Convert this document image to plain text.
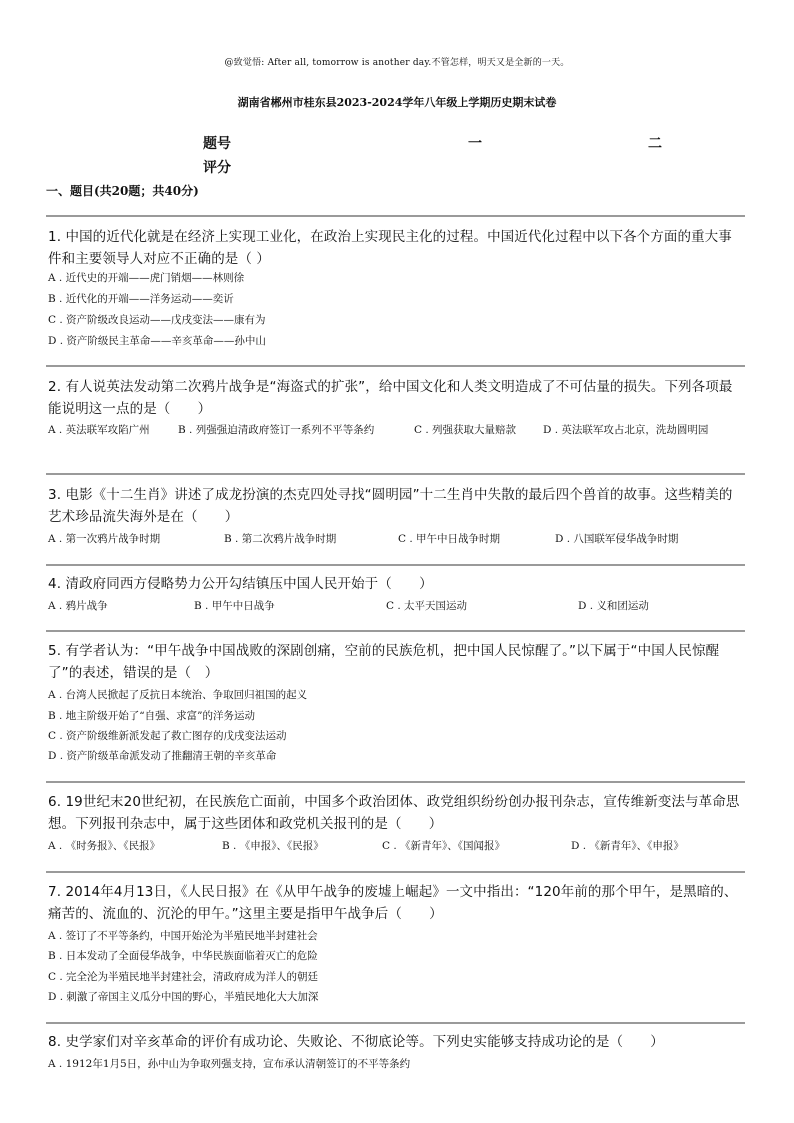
@致觉悟: After all, tomorrow is another day.不管怎样，明天又是全新的一天。
湖南省郴州市桂东县2023-2024学年八年级上学期历史期末试卷
题号	一	二
评分
一、题目(共20题；共40分)
1. 中国的近代化就是在经济上实现工业化，在政治上实现民主化的过程。中国近代化过程中以下各个方面的重大事件和主要领导人对应不正确的是（ ）
A . 近代史的开端——虎门销烟——林则徐
B . 近代化的开端——洋务运动——奕䜣
C . 资产阶级改良运动——戊戌变法——康有为
D . 资产阶级民主革命——辛亥革命——孙中山
2. 有人说英法发动第二次鸦片战争是“海盗式的扩张”，给中国文化和人类文明造成了不可估量的损失。下列各项最能说明这一点的是（　　）
A . 英法联军攻陷广州	B . 列强强迫清政府签订一系列不平等条约	C . 列强获取大量赔款	D . 英法联军攻占北京，洗劫圆明园
3. 电影《十二生肖》讲述了成龙扮演的杰克四处寻找“圆明园”十二生肖中失散的最后四个兽首的故事。这些精美的艺术珍品流失海外是在（　　）
A . 第一次鸦片战争时期	B . 第二次鸦片战争时期	C . 甲午中日战争时期	D . 八国联军侵华战争时期
4. 清政府同西方侵略势力公开勾结镇压中国人民开始于（　　）
A . 鸦片战争	B . 甲午中日战争	C . 太平天国运动	D . 义和团运动
5. 有学者认为：“甲午战争中国战败的深剧创痛，空前的民族危机，把中国人民惊醒了。”以下属于“中国人民惊醒了”的表述，错误的是（　）
A . 台湾人民掀起了反抗日本统治、争取回归祖国的起义
B . 地主阶级开始了“自强、求富”的洋务运动
C . 资产阶级维新派发起了救亡图存的戊戌变法运动
D . 资产阶级革命派发动了推翻清王朝的辛亥革命
6. 19世纪末20世纪初，在民族危亡面前，中国多个政治团体、政党组织纷纷创办报刊杂志，宣传维新变法与革命思想。下列报刊杂志中，属于这些团体和政党机关报刊的是（　　）
A . 《时务报》、《民报》	B . 《申报》、《民报》	C . 《新青年》、《国闻报》	D . 《新青年》、《申报》
7. 2014年4月13日，《人民日报》在《从甲午战争的废墟上崛起》一文中指出：“120年前的那个甲午，是黑暗的、痛苦的、流血的、沉沦的甲午。”这里主要是指甲午战争后（　　）
A . 签订了不平等条约，中国开始沦为半殖民地半封建社会
B . 日本发动了全面侵华战争，中华民族面临着灭亡的危险
C . 完全沦为半殖民地半封建社会，清政府成为洋人的朝廷
D . 刺激了帝国主义瓜分中国的野心，半殖民地化大大加深
8. 史学家们对辛亥革命的评价有成功论、失败论、不彻底论等。下列史实能够支持成功论的是（　　）
A . 1912年1月5日，孙中山为争取列强支持，宣布承认清朝签订的不平等条约
